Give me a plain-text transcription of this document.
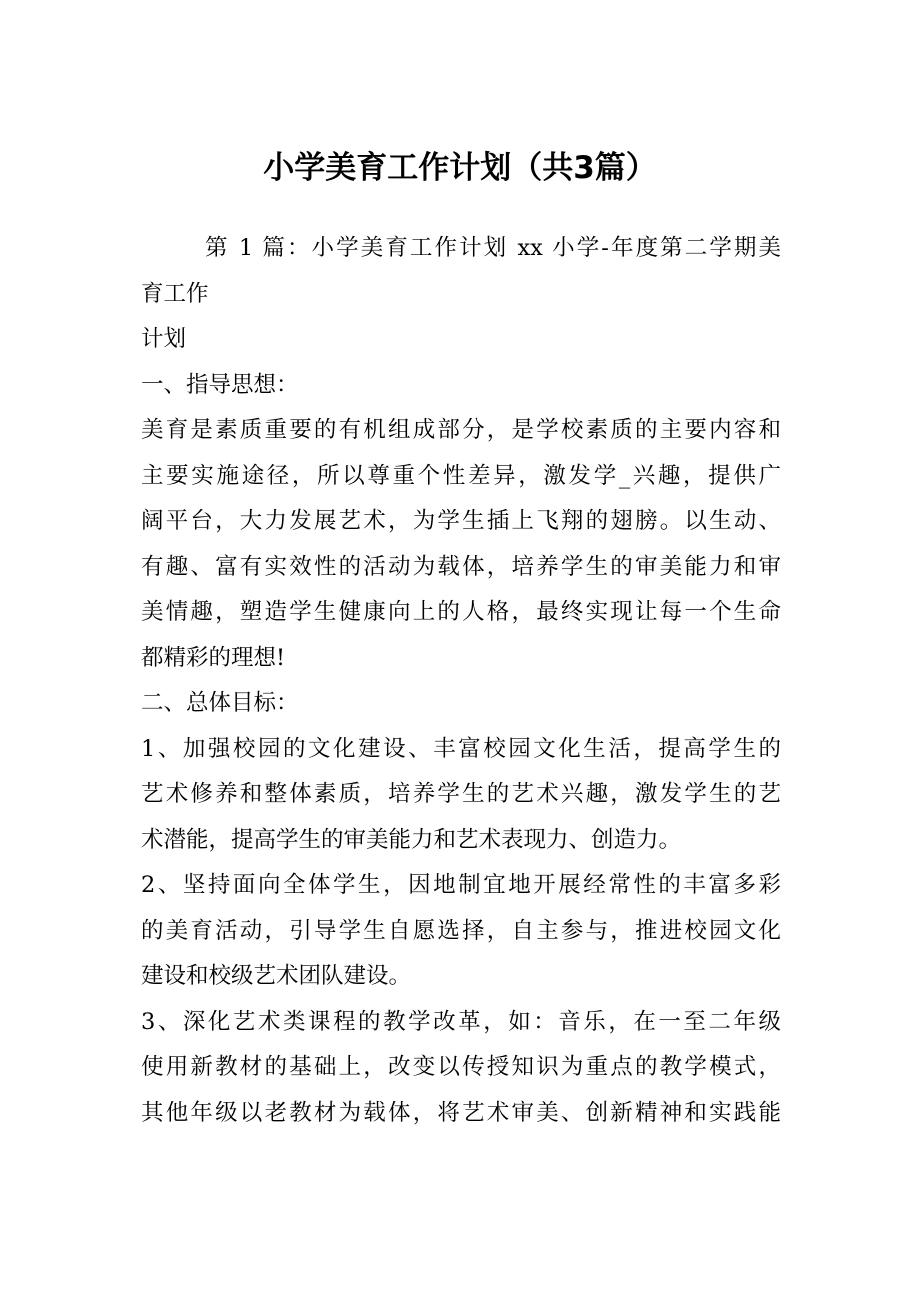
小学美育工作计划（共3篇）
第 1 篇：小学美育工作计划 xx 小学-年度第二学期美
育工作
计划
一、指导思想：
美育是素质重要的有机组成部分，是学校素质的主要内容和
主要实施途径，所以尊重个性差异，激发学_兴趣，提供广
阔平台，大力发展艺术，为学生插上飞翔的翅膀。以生动、
有趣、富有实效性的活动为载体，培养学生的审美能力和审
美情趣，塑造学生健康向上的人格，最终实现让每一个生命
都精彩的理想!
二、总体目标：
1、加强校园的文化建设、丰富校园文化生活，提高学生的
艺术修养和整体素质，培养学生的艺术兴趣，激发学生的艺
术潜能，提高学生的审美能力和艺术表现力、创造力。
2、坚持面向全体学生，因地制宜地开展经常性的丰富多彩
的美育活动，引导学生自愿选择，自主参与，推进校园文化
建设和校级艺术团队建设。
3、深化艺术类课程的教学改革，如：音乐，在一至二年级
使用新教材的基础上，改变以传授知识为重点的教学模式，
其他年级以老教材为载体，将艺术审美、创新精神和实践能
